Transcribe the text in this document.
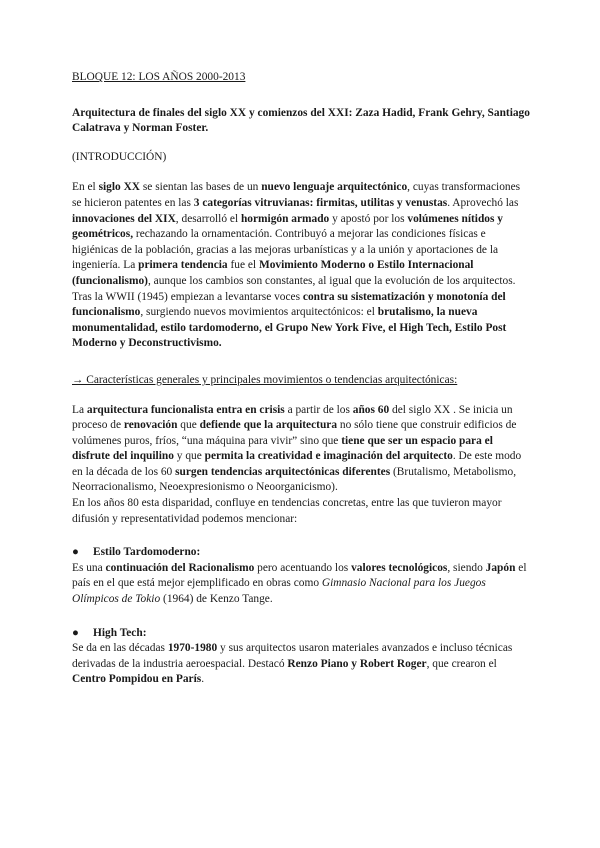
BLOQUE 12: LOS AÑOS 2000-2013

Arquitectura de finales del siglo XX y comienzos del XXI: Zaza Hadid, Frank Gehry, Santiago Calatrava y Norman Foster.

(INTRODUCCIÓN)

En el siglo XX se sientan las bases de un nuevo lenguaje arquitectónico, cuyas transformaciones se hicieron patentes en las 3 categorías vitruvianas: firmitas, utilitas y venustas. Aprovechó las innovaciones del XIX, desarrolló el hormigón armado y apostó por los volúmenes nítidos y geométricos, rechazando la ornamentación. Contribuyó a mejorar las condiciones físicas e higiénicas de la población, gracias a las mejoras urbanísticas y a la unión y aportaciones de la ingeniería. La primera tendencia fue el Movimiento Moderno o Estilo Internacional (funcionalismo), aunque los cambios son constantes, al igual que la evolución de los arquitectos.

Tras la WWII (1945) empiezan a levantarse voces contra su sistematización y monotonía del funcionalismo, surgiendo nuevos movimientos arquitectónicos: el brutalismo, la nueva monumentalidad, estilo tardomoderno, el Grupo New York Five, el High Tech, Estilo Post Moderno y Deconstructivismo.

→ Características generales y principales movimientos o tendencias arquitectónicas:

La arquitectura funcionalista entra en crisis a partir de los años 60 del siglo XX . Se inicia un proceso de renovación que defiende que la arquitectura no sólo tiene que construir edificios de volúmenes puros, fríos, “una máquina para vivir” sino que tiene que ser un espacio para el disfrute del inquilino y que permita la creatividad e imaginación del arquitecto. De este modo en la década de los 60 surgen tendencias arquitectónicas diferentes (Brutalismo, Metabolismo, Neorracionalismo, Neoexpresionismo o Neoorganicismo).

En los años 80 esta disparidad, confluye en tendencias concretas, entre las que tuvieron mayor difusión y representatividad podemos mencionar:

● Estilo Tardomoderno:

Es una continuación del Racionalismo pero acentuando los valores tecnológicos, siendo Japón el país en el que está mejor ejemplificado en obras como Gimnasio Nacional para los Juegos Olímpicos de Tokio (1964) de Kenzo Tange.

● High Tech:

Se da en las décadas 1970-1980 y sus arquitectos usaron materiales avanzados e incluso técnicas derivadas de la industria aeroespacial. Destacó Renzo Piano y Robert Roger, que crearon el Centro Pompidou en París.
